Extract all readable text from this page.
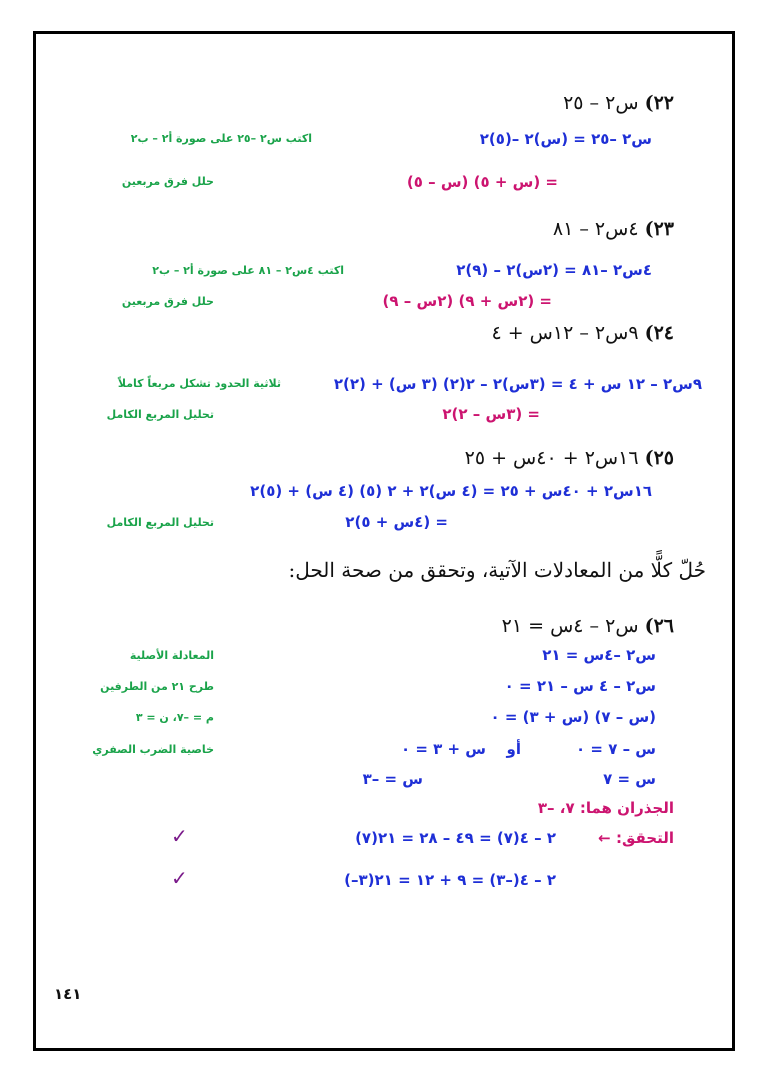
٢٢) س٢ – ٢٥
س٢ –٢٥ = (س)٢ –(٥)٢
اكتب س٢ –٢٥ على صورة أ٢ – ب٢
= (س + ٥) (س – ٥)
حلل فرق مربعين
٢٣) ٤س٢ – ٨١
٤س٢ –٨١ = (٢س)٢ – (٩)٢
اكتب ٤س٢ – ٨١ على صورة أ٢ – ب٢
= (٢س + ٩) (٢س – ٩)
حلل فرق مربعين
٢٤) ٩س٢ – ١٢س + ٤
٩س٢ – ١٢ س + ٤ = (٣س)٢ – ٢(٢) (٣ س) + (٢)٢
ثلاثية الحدود تشكل مربعاً كاملاً
= (٣س – ٢)٢
تحليل المربع الكامل
٢٥) ١٦س٢ + ٤٠س + ٢٥
١٦س٢ + ٤٠س + ٢٥ = (٤ س)٢ + ٢ (٥) (٤ س) + (٥)٢
= (٤س + ٥)٢
تحليل المربع الكامل
حُلّ كلًّا من المعادلات الآتية، وتحقق من صحة الحل:
٢٦) س٢ – ٤س = ٢١
س٢ –٤س = ٢١
المعادلة الأصلية
س٢ – ٤ س – ٢١ = ٠
طرح ٢١ من الطرفين
(س – ٧) (س + ٣) = ٠
م = –٧، ن = ٣
س – ٧ = ٠
أو
س + ٣ = ٠
خاصية الضرب الصفري
س = ٧
س = –٣
الجذران هما: ٧، –٣
التحقق: ←
(٧)٢ – ٤(٧) = ٤٩ – ٢٨ = ٢١
✓
(–٣)٢ – ٤(–٣) = ٩ + ١٢ = ٢١
✓
١٤١
